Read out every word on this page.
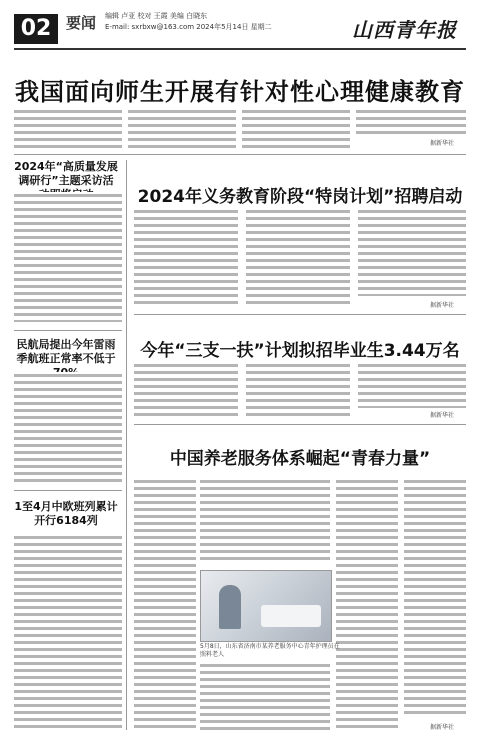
02 要闻 编辑 卢亚 校对 王霞 美编 白晓东
E-mail: sxrbxw@163.com 2024年5月14日 星期二	山西青年报
我国面向师生开展有针对性心理健康教育
据新华社
2024年“高质量发展调研行”主题采访活
民航局提出今年雷雨季航班正常率不低于
1至4月中欧班列累计开行6184列
2024年义务教育阶段“特岗计划”招聘启动
据新华社
今年“三支一扶”计划拟招毕业生3.44万名
据新华社
中国养老服务体系崛起“青春力量”
据新华社
5月8日，山东省济南市某养老服务中心青年护理员在照料老人
